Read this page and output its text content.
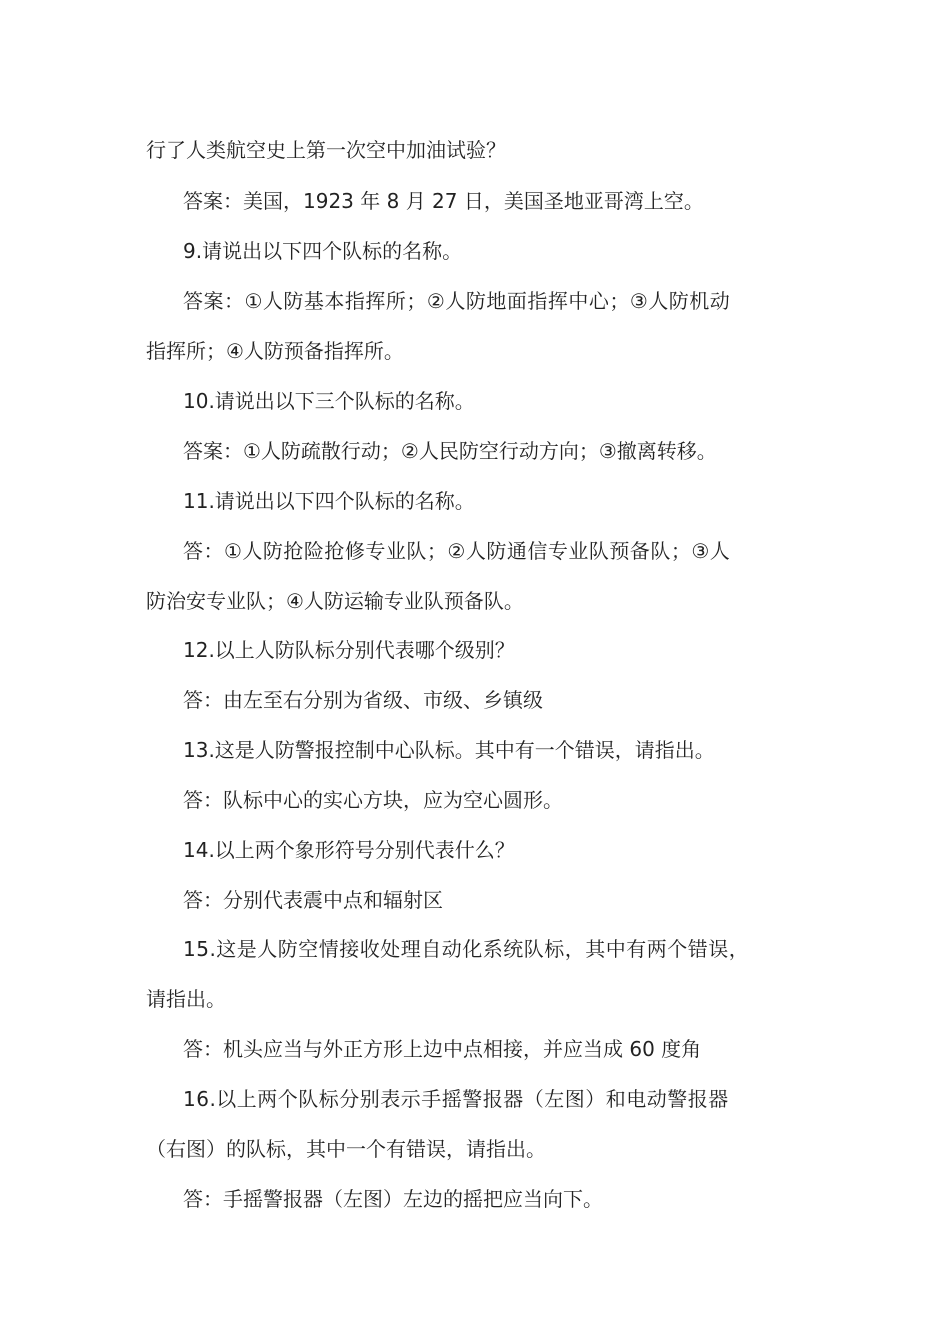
行了人类航空史上第一次空中加油试验？
答案：美国，1923 年 8 月 27 日，美国圣地亚哥湾上空。
9.请说出以下四个队标的名称。
答案：①人防基本指挥所；②人防地面指挥中心；③人防机动
指挥所；④人防预备指挥所。
10.请说出以下三个队标的名称。
答案：①人防疏散行动；②人民防空行动方向；③撤离转移。
11.请说出以下四个队标的名称。
答：①人防抢险抢修专业队；②人防通信专业队预备队；③人
防治安专业队；④人防运输专业队预备队。
12.以上人防队标分别代表哪个级别？
答：由左至右分别为省级、市级、乡镇级
13.这是人防警报控制中心队标。其中有一个错误，请指出。
答：队标中心的实心方块，应为空心圆形。
14.以上两个象形符号分别代表什么？
答：分别代表震中点和辐射区
15.这是人防空情接收处理自动化系统队标，其中有两个错误，
请指出。
答：机头应当与外正方形上边中点相接，并应当成 60 度角
16.以上两个队标分别表示手摇警报器（左图）和电动警报器
（右图）的队标，其中一个有错误，请指出。
答：手摇警报器（左图）左边的摇把应当向下。
